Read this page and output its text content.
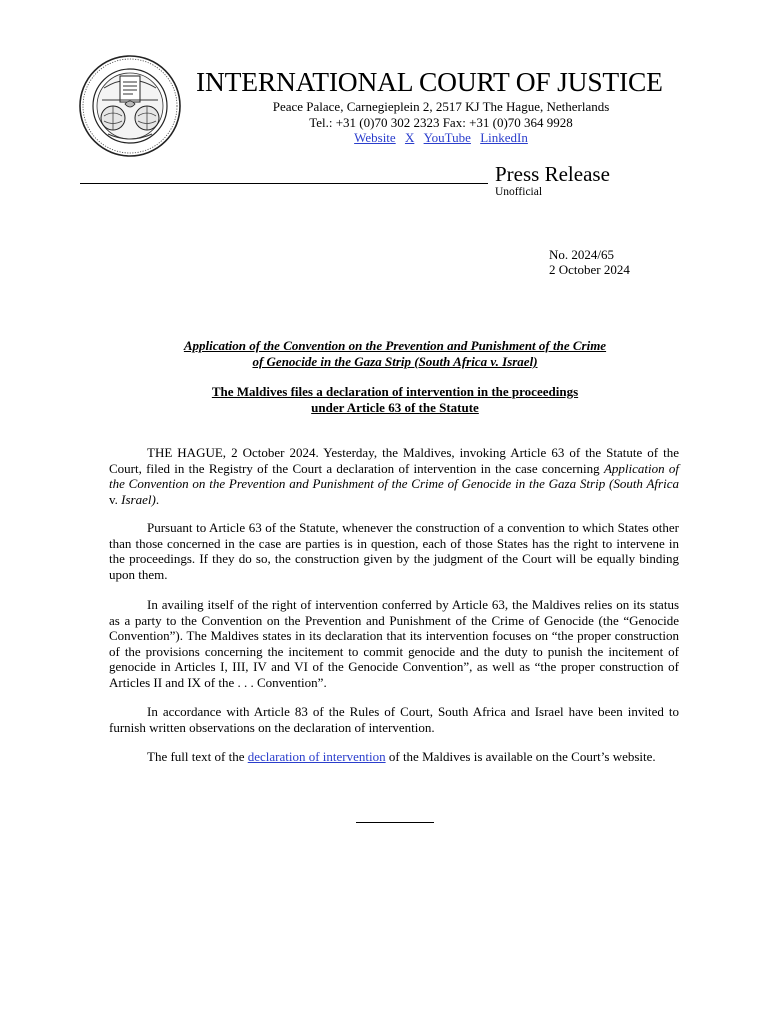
INTERNATIONAL COURT OF JUSTICE
Peace Palace, Carnegieplein 2, 2517 KJ The Hague, Netherlands
Tel.: +31 (0)70 302 2323 Fax: +31 (0)70 364 9928
Website X YouTube LinkedIn
Press Release
Unofficial
No. 2024/65
2 October 2024
Application of the Convention on the Prevention and Punishment of the Crime
of Genocide in the Gaza Strip (South Africa v. Israel)
The Maldives files a declaration of intervention in the proceedings
under Article 63 of the Statute
THE HAGUE, 2 October 2024. Yesterday, the Maldives, invoking Article 63 of the Statute of the Court, filed in the Registry of the Court a declaration of intervention in the case concerning Application of the Convention on the Prevention and Punishment of the Crime of Genocide in the Gaza Strip (South Africa v. Israel).
Pursuant to Article 63 of the Statute, whenever the construction of a convention to which States other than those concerned in the case are parties is in question, each of those States has the right to intervene in the proceedings. If they do so, the construction given by the judgment of the Court will be equally binding upon them.
In availing itself of the right of intervention conferred by Article 63, the Maldives relies on its status as a party to the Convention on the Prevention and Punishment of the Crime of Genocide (the “Genocide Convention”). The Maldives states in its declaration that its intervention focuses on “the proper construction of the provisions concerning the incitement to commit genocide and the duty to punish the incitement of genocide in Articles I, III, IV and VI of the Genocide Convention”, as well as “the proper construction of Articles II and IX of the . . . Convention”.
In accordance with Article 83 of the Rules of Court, South Africa and Israel have been invited to furnish written observations on the declaration of intervention.
The full text of the declaration of intervention of the Maldives is available on the Court’s website.
